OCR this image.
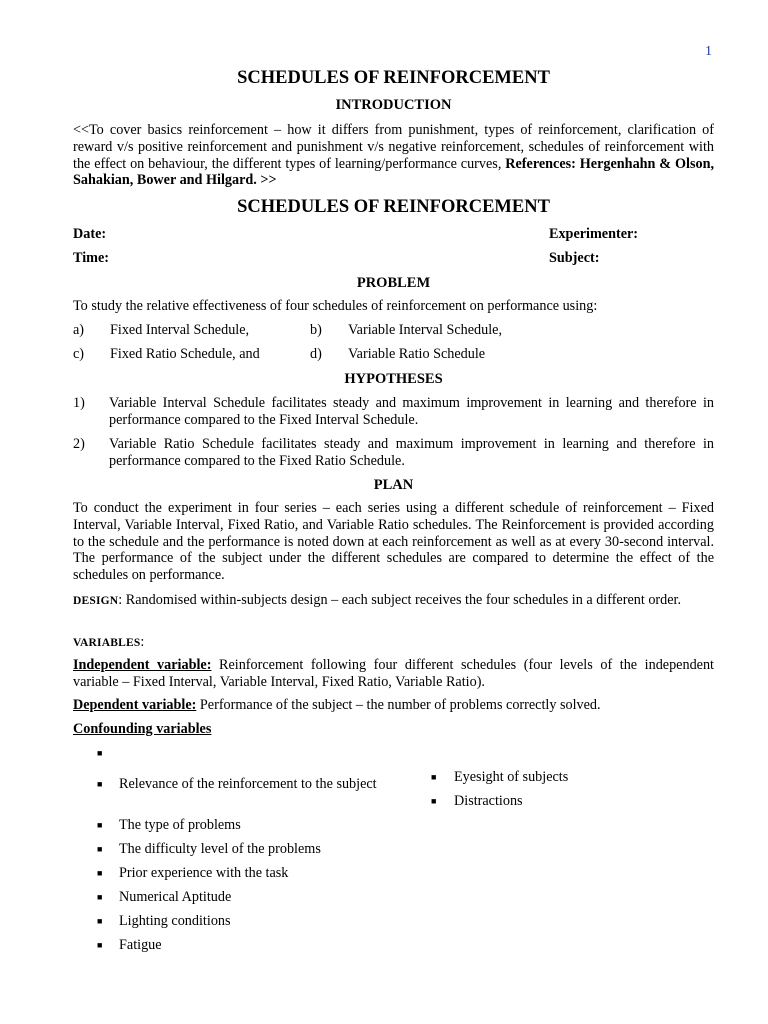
1
SCHEDULES OF REINFORCEMENT
INTRODUCTION
<<To cover basics reinforcement – how it differs from punishment, types of reinforcement, clarification of reward v/s positive reinforcement and punishment v/s negative reinforcement, schedules of reinforcement with the effect on behaviour, the different types of learning/performance curves, References: Hergenhahn & Olson, Sahakian, Bower and Hilgard. >>
SCHEDULES OF REINFORCEMENT
Date:	Experimenter:
Time:	Subject:
PROBLEM
To study the relative effectiveness of four schedules of reinforcement on performance using:
a) Fixed Interval Schedule,	b) Variable Interval Schedule,
c) Fixed Ratio Schedule, and	d) Variable Ratio Schedule
HYPOTHESES
1)	Variable Interval Schedule facilitates steady and maximum improvement in learning and therefore in performance compared to the Fixed Interval Schedule.
2)	Variable Ratio Schedule facilitates steady and maximum improvement in learning and therefore in performance compared to the Fixed Ratio Schedule.
PLAN
To conduct the experiment in four series – each series using a different schedule of reinforcement – Fixed Interval, Variable Interval, Fixed Ratio, and Variable Ratio schedules. The Reinforcement is provided according to the schedule and the performance is noted down at each reinforcement as well as at every 30-second interval. The performance of the subject under the different schedules are compared to determine the effect of the schedules on performance.
DESIGN: Randomised within-subjects design – each subject receives the four schedules in a different order.
VARIABLES:
Independent variable: Reinforcement following four different schedules (four levels of the independent variable – Fixed Interval, Variable Interval, Fixed Ratio, Variable Ratio).
Dependent variable: Performance of the subject – the number of problems correctly solved.
Confounding variables
■
■ Relevance of the reinforcement to the subject
■ The type of problems
■ The difficulty level of the problems
■ Prior experience with the task
■ Numerical Aptitude
■ Lighting conditions
■ Fatigue
■ Eyesight of subjects
■ Distractions
